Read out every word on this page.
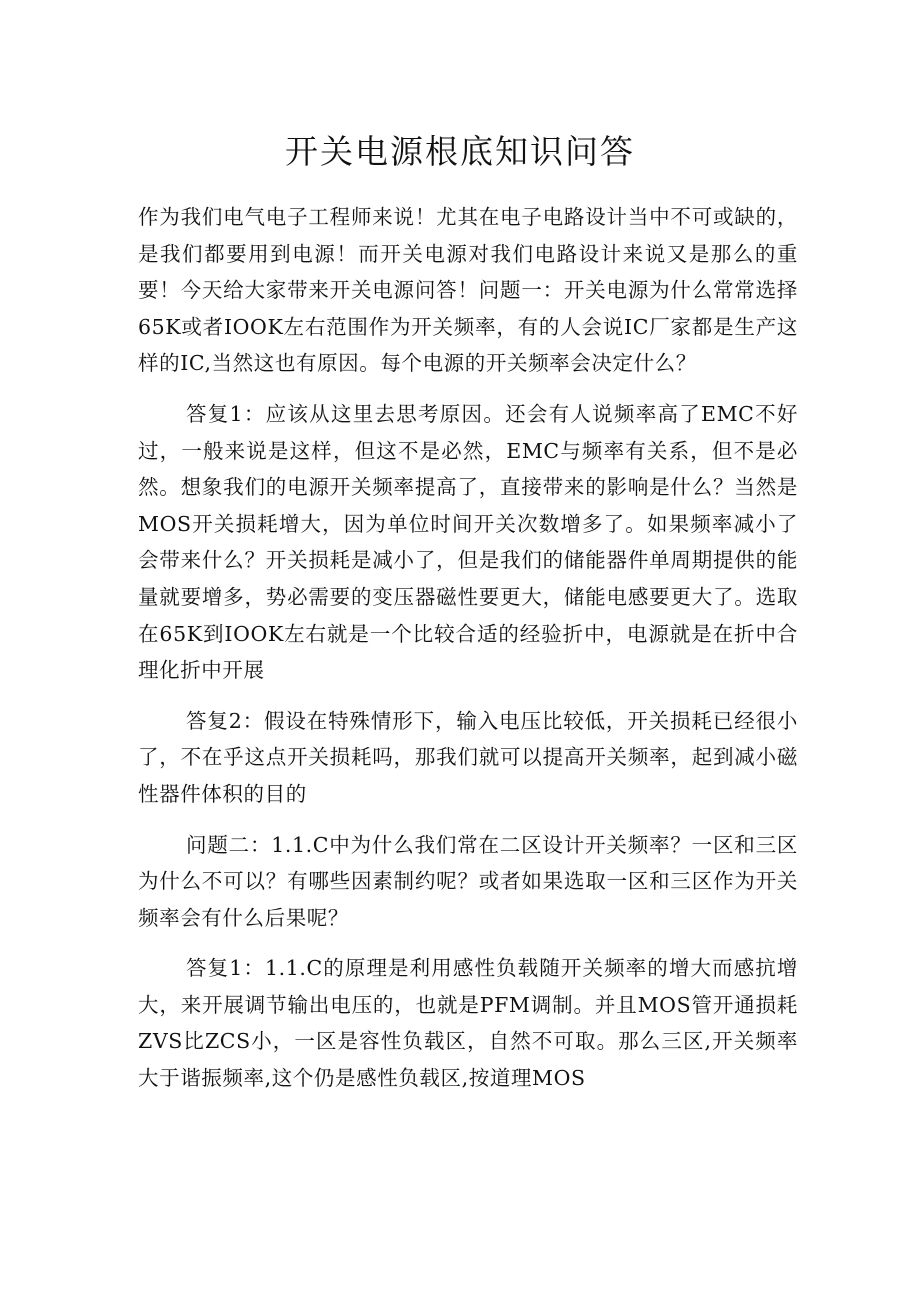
开关电源根底知识问答

作为我们电气电子工程师来说！尤其在电子电路设计当中不可或缺的，是我们都要用到电源！而开关电源对我们电路设计来说又是那么的重要！今天给大家带来开关电源问答！问题一：开关电源为什么常常选择65K或者IOOK左右范围作为开关频率，有的人会说IC厂家都是生产这样的IC,当然这也有原因。每个电源的开关频率会决定什么？

答复1：应该从这里去思考原因。还会有人说频率高了EMC不好过，一般来说是这样，但这不是必然，EMC与频率有关系，但不是必然。想象我们的电源开关频率提高了，直接带来的影响是什么？当然是MOS开关损耗增大，因为单位时间开关次数增多了。如果频率减小了会带来什么？开关损耗是减小了，但是我们的储能器件单周期提供的能量就要增多，势必需要的变压器磁性要更大，储能电感要更大了。选取在65K到IOOK左右就是一个比较合适的经验折中，电源就是在折中合理化折中开展

答复2：假设在特殊情形下，输入电压比较低，开关损耗已经很小了，不在乎这点开关损耗吗，那我们就可以提高开关频率，起到减小磁性器件体积的目的

问题二：1.1.C中为什么我们常在二区设计开关频率？一区和三区为什么不可以？有哪些因素制约呢？或者如果选取一区和三区作为开关频率会有什么后果呢？

答复1：1.1.C的原理是利用感性负载随开关频率的增大而感抗增大，来开展调节输出电压的，也就是PFM调制。并且MOS管开通损耗ZVS比ZCS小，一区是容性负载区，自然不可取。那么三区,开关频率大于谐振频率,这个仍是感性负载区,按道理MOS
